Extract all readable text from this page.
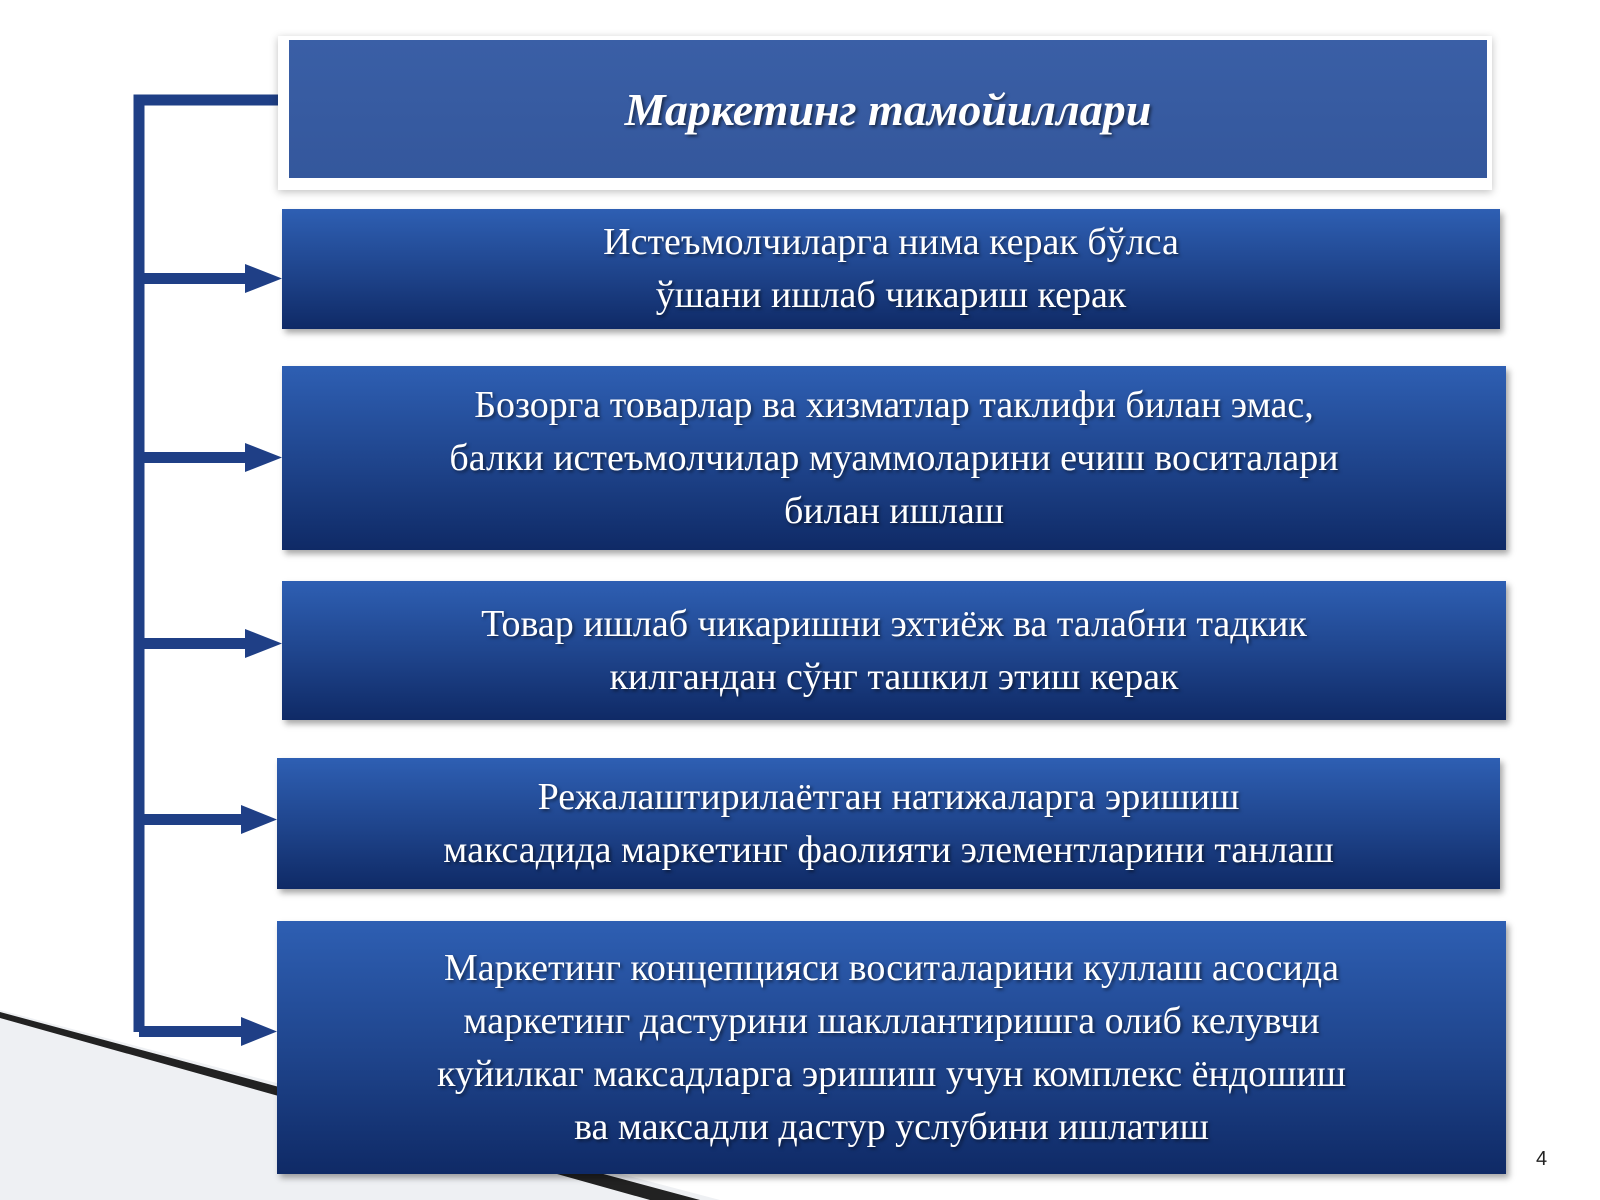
Маркетинг тамойиллари
Истеъмолчиларга нима керак бўлса
ўшани ишлаб чикариш керак
Бозорга товарлар ва хизматлар таклифи билан эмас,
балки истеъмолчилар муаммоларини ечиш воситалари
билан ишлаш
Товар ишлаб чикаришни эхтиёж ва талабни тадкик
килгандан сўнг ташкил этиш керак
Режалаштирилаётган натижаларга эришиш
максадида маркетинг фаолияти элементларини танлаш
Маркетинг концепцияси воситаларини куллаш асосида
маркетинг дастурини шакллантиришга олиб келувчи
куйилкаг максадларга эришиш учун комплекс ёндошиш
ва максадли дастур услубини ишлатиш
4
